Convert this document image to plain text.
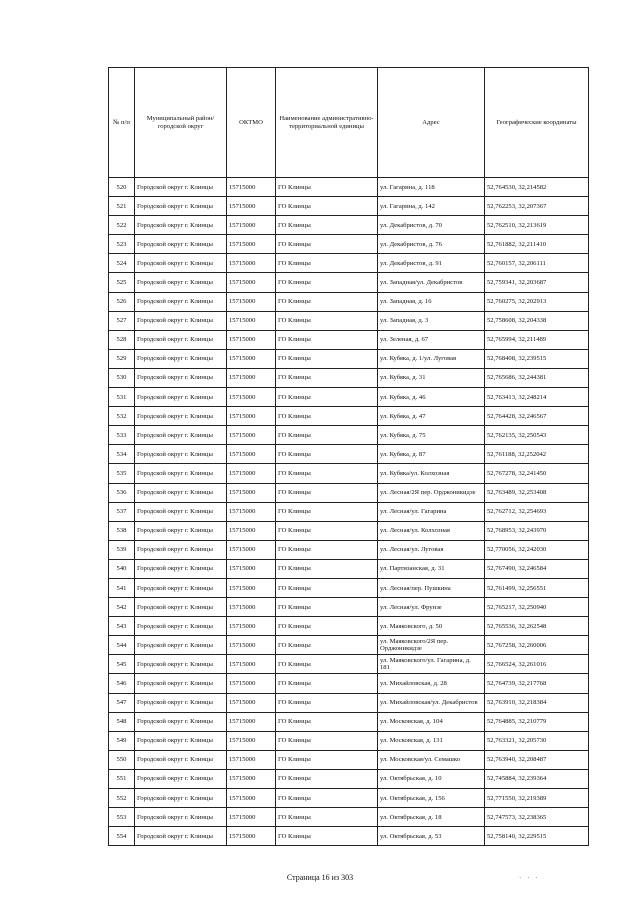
№ п/п	Муниципальный район/городской округ	ОКТМО	Наименование административно-территориальной единицы	Адрес	Географические координаты
520	Городской округ г. Клинцы	15715000	ГО Клинцы	ул. Гагарина, д. 118	52,764530, 32,214582
521	Городской округ г. Клинцы	15715000	ГО Клинцы	ул. Гагарина, д. 142	52,762253, 32,207367
522	Городской округ г. Клинцы	15715000	ГО Клинцы	ул. Декабристов, д. 70	52,762510, 32,213619
523	Городской округ г. Клинцы	15715000	ГО Клинцы	ул. Декабристов, д. 76	52,761882, 32,211410
524	Городской округ г. Клинцы	15715000	ГО Клинцы	ул. Декабристов, д. 91	52,760157, 32,206111
525	Городской округ г. Клинцы	15715000	ГО Клинцы	ул. Западная/ул. Декабристов	52,759341, 32,203687
526	Городской округ г. Клинцы	15715000	ГО Клинцы	ул. Западная, д. 16	52,760275, 32,202913
527	Городской округ г. Клинцы	15715000	ГО Клинцы	ул. Западная, д. 3	52,758608, 32,204338
528	Городской округ г. Клинцы	15715000	ГО Клинцы	ул. Зеленая, д. 67	52,765994, 32,211489
529	Городской округ г. Клинцы	15715000	ГО Клинцы	ул. Кубяка, д. 1/ул. Луговая	52,768408, 32,239515
530	Городской округ г. Клинцы	15715000	ГО Клинцы	ул. Кубяка, д. 31	52,765686, 32,244381
531	Городской округ г. Клинцы	15715000	ГО Клинцы	ул. Кубяка, д. 46	52,763413, 32,248214
532	Городской округ г. Клинцы	15715000	ГО Клинцы	ул. Кубяка, д. 47	52,764428, 32,246567
533	Городской округ г. Клинцы	15715000	ГО Клинцы	ул. Кубяка, д. 75	52,762135, 32,250543
534	Городской округ г. Клинцы	15715000	ГО Клинцы	ул. Кубяка, д. 87	52,761188, 32,252042
535	Городской округ г. Клинцы	15715000	ГО Клинцы	ул. Кубяка/ул. Колхозная	52,767278, 32,241450
536	Городской округ г. Клинцы	15715000	ГО Клинцы	ул. Лесная/2Я пер. Орджоникидзе	52,763489, 32,253408
537	Городской округ г. Клинцы	15715000	ГО Клинцы	ул. Лесная/ул. Гагарина	52,762712, 32,254693
538	Городской округ г. Клинцы	15715000	ГО Клинцы	ул. Лесная/ул. Колхозная	52,768953, 32,243970
539	Городской округ г. Клинцы	15715000	ГО Клинцы	ул. Лесная/ул. Луговая	52,770056, 32,242030
540	Городской округ г. Клинцы	15715000	ГО Клинцы	ул. Партизанская, д. 31	52,767490, 32,246584
541	Городской округ г. Клинцы	15715000	ГО Клинцы	ул. Лесная/пер. Пушкина	52,761499, 32,256551
542	Городской округ г. Клинцы	15715000	ГО Клинцы	ул. Лесная/ул. Фрунзе	52,765217, 32,250940
543	Городской округ г. Клинцы	15715000	ГО Клинцы	ул. Маяковского, д. 50	52,765536, 32,262548
544	Городской округ г. Клинцы	15715000	ГО Клинцы	ул. Маяковского/2Я пер. Орджоникидзе	52,767258, 32,260006
545	Городской округ г. Клинцы	15715000	ГО Клинцы	ул. Маяковского/ул. Гагарина, д. 181	52,766524, 32,261016
546	Городской округ г. Клинцы	15715000	ГО Клинцы	ул. Михайловская, д. 28	52,764739, 32,217768
547	Городской округ г. Клинцы	15715000	ГО Клинцы	ул. Михайловская/ул. Декабристов	52,763910, 32,218384
548	Городской округ г. Клинцы	15715000	ГО Клинцы	ул. Московская, д. 104	52,764885, 32,210779
549	Городской округ г. Клинцы	15715000	ГО Клинцы	ул. Московская, д. 131	52,763321, 32,205730
550	Городской округ г. Клинцы	15715000	ГО Клинцы	ул. Московская/ул. Семашко	52,763940, 32,208487
551	Городской округ г. Клинцы	15715000	ГО Клинцы	ул. Октябрьская, д. 10	52,745884, 32,239364
552	Городской округ г. Клинцы	15715000	ГО Клинцы	ул. Октябрьская, д. 156	52,771550, 32,219389
553	Городской округ г. Клинцы	15715000	ГО Клинцы	ул. Октябрьская, д. 18	52,747573, 32,238365
554	Городской округ г. Клинцы	15715000	ГО Клинцы	ул. Октябрьская, д. 53	52,758140, 32,229515
Страница 16 из 303	· · ·
